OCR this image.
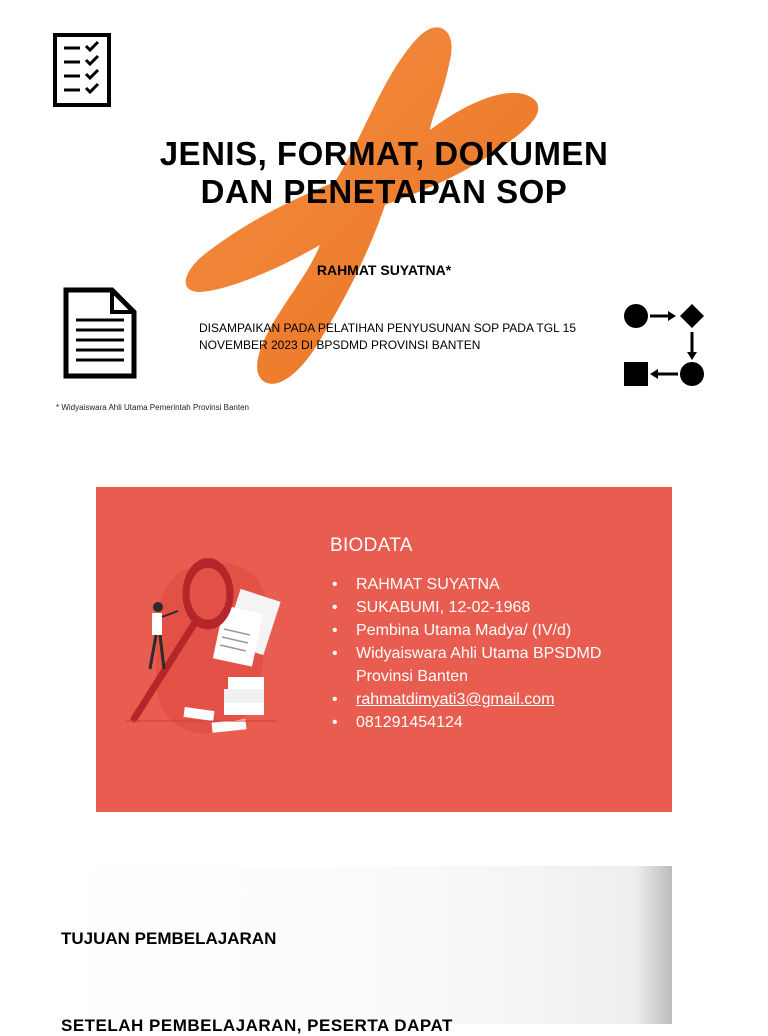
JENIS, FORMAT, DOKUMEN
DAN PENETAPAN SOP
RAHMAT SUYATNA*
DISAMPAIKAN PADA PELATIHAN PENYUSUNAN SOP PADA TGL 15 NOVEMBER 2023 DI BPSDMD PROVINSI BANTEN
* Widyaiswara Ahli Utama Pemerintah Provinsi Banten
BIODATA
• RAHMAT SUYATNA
• SUKABUMI, 12-02-1968
• Pembina Utama Madya/ (IV/d)
• Widyaiswara Ahli Utama BPSDMD Provinsi Banten
• rahmatdimyati3@gmail.com
• 081291454124
TUJUAN PEMBELAJARAN
SETELAH PEMBELAJARAN, PESERTA DAPAT
